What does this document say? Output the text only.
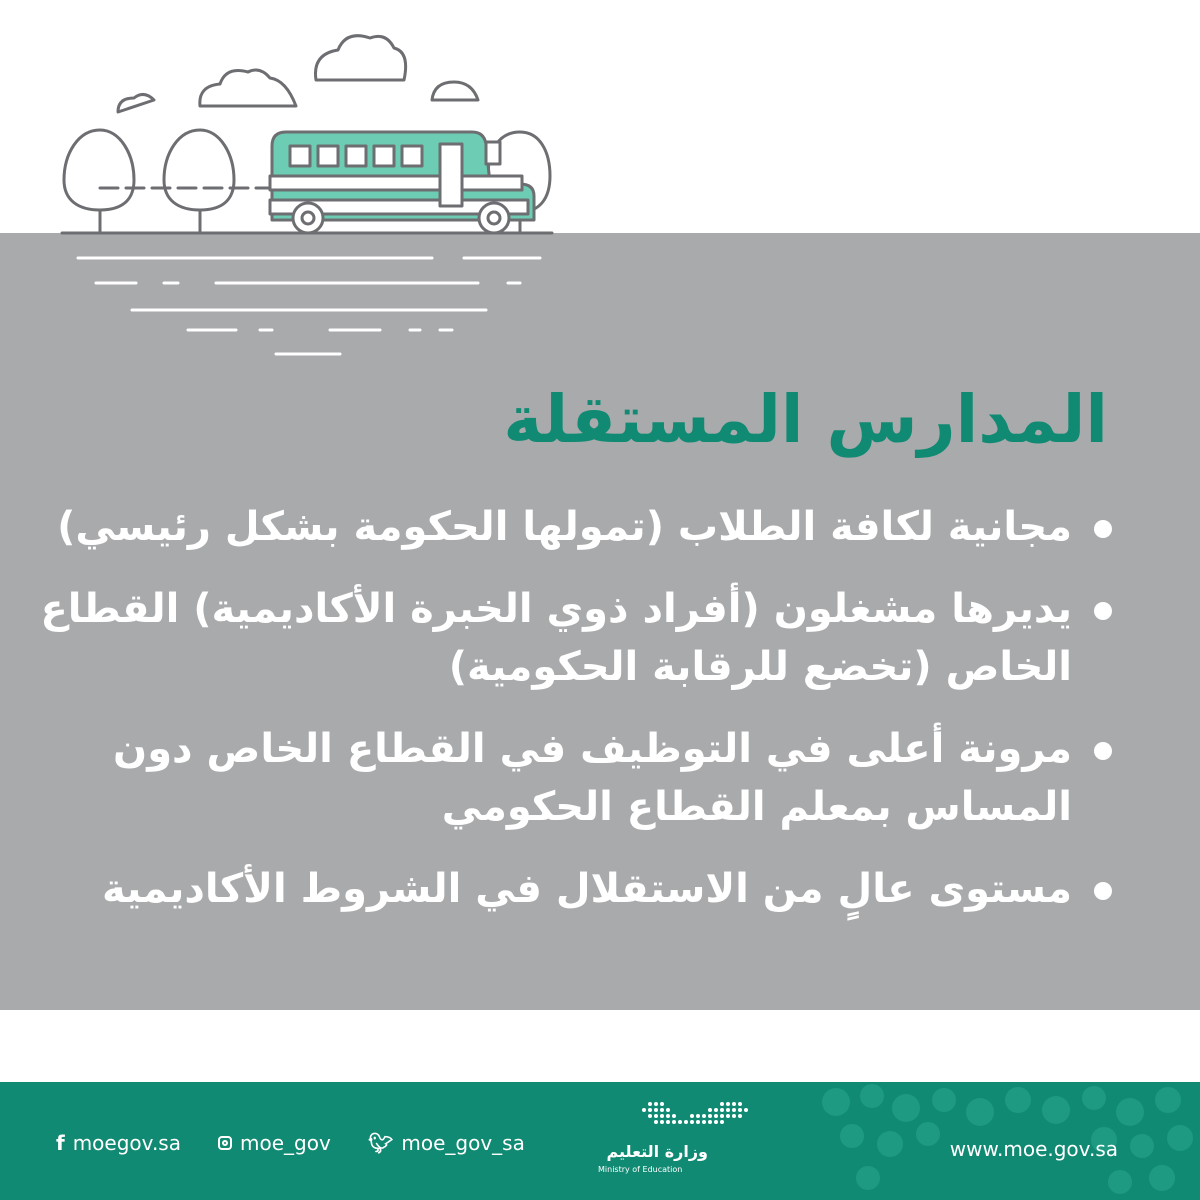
المدارس المستقلة
مجانية لكافة الطلاب (تمولها الحكومة بشكل رئيسي)
يديرها مشغلون (أفراد ذوي الخبرة الأكاديمية) القطاع الخاص (تخضع للرقابة الحكومية)
مرونة أعلى في التوظيف في القطاع الخاص دون المساس بمعلم القطاع الحكومي
مستوى عالٍ من الاستقلال في الشروط الأكاديمية
f moegov.sa	moe_gov 🐦︎ moe_gov_sa	وزارة التعليم
Ministry of Education
www.moe.gov.sa
